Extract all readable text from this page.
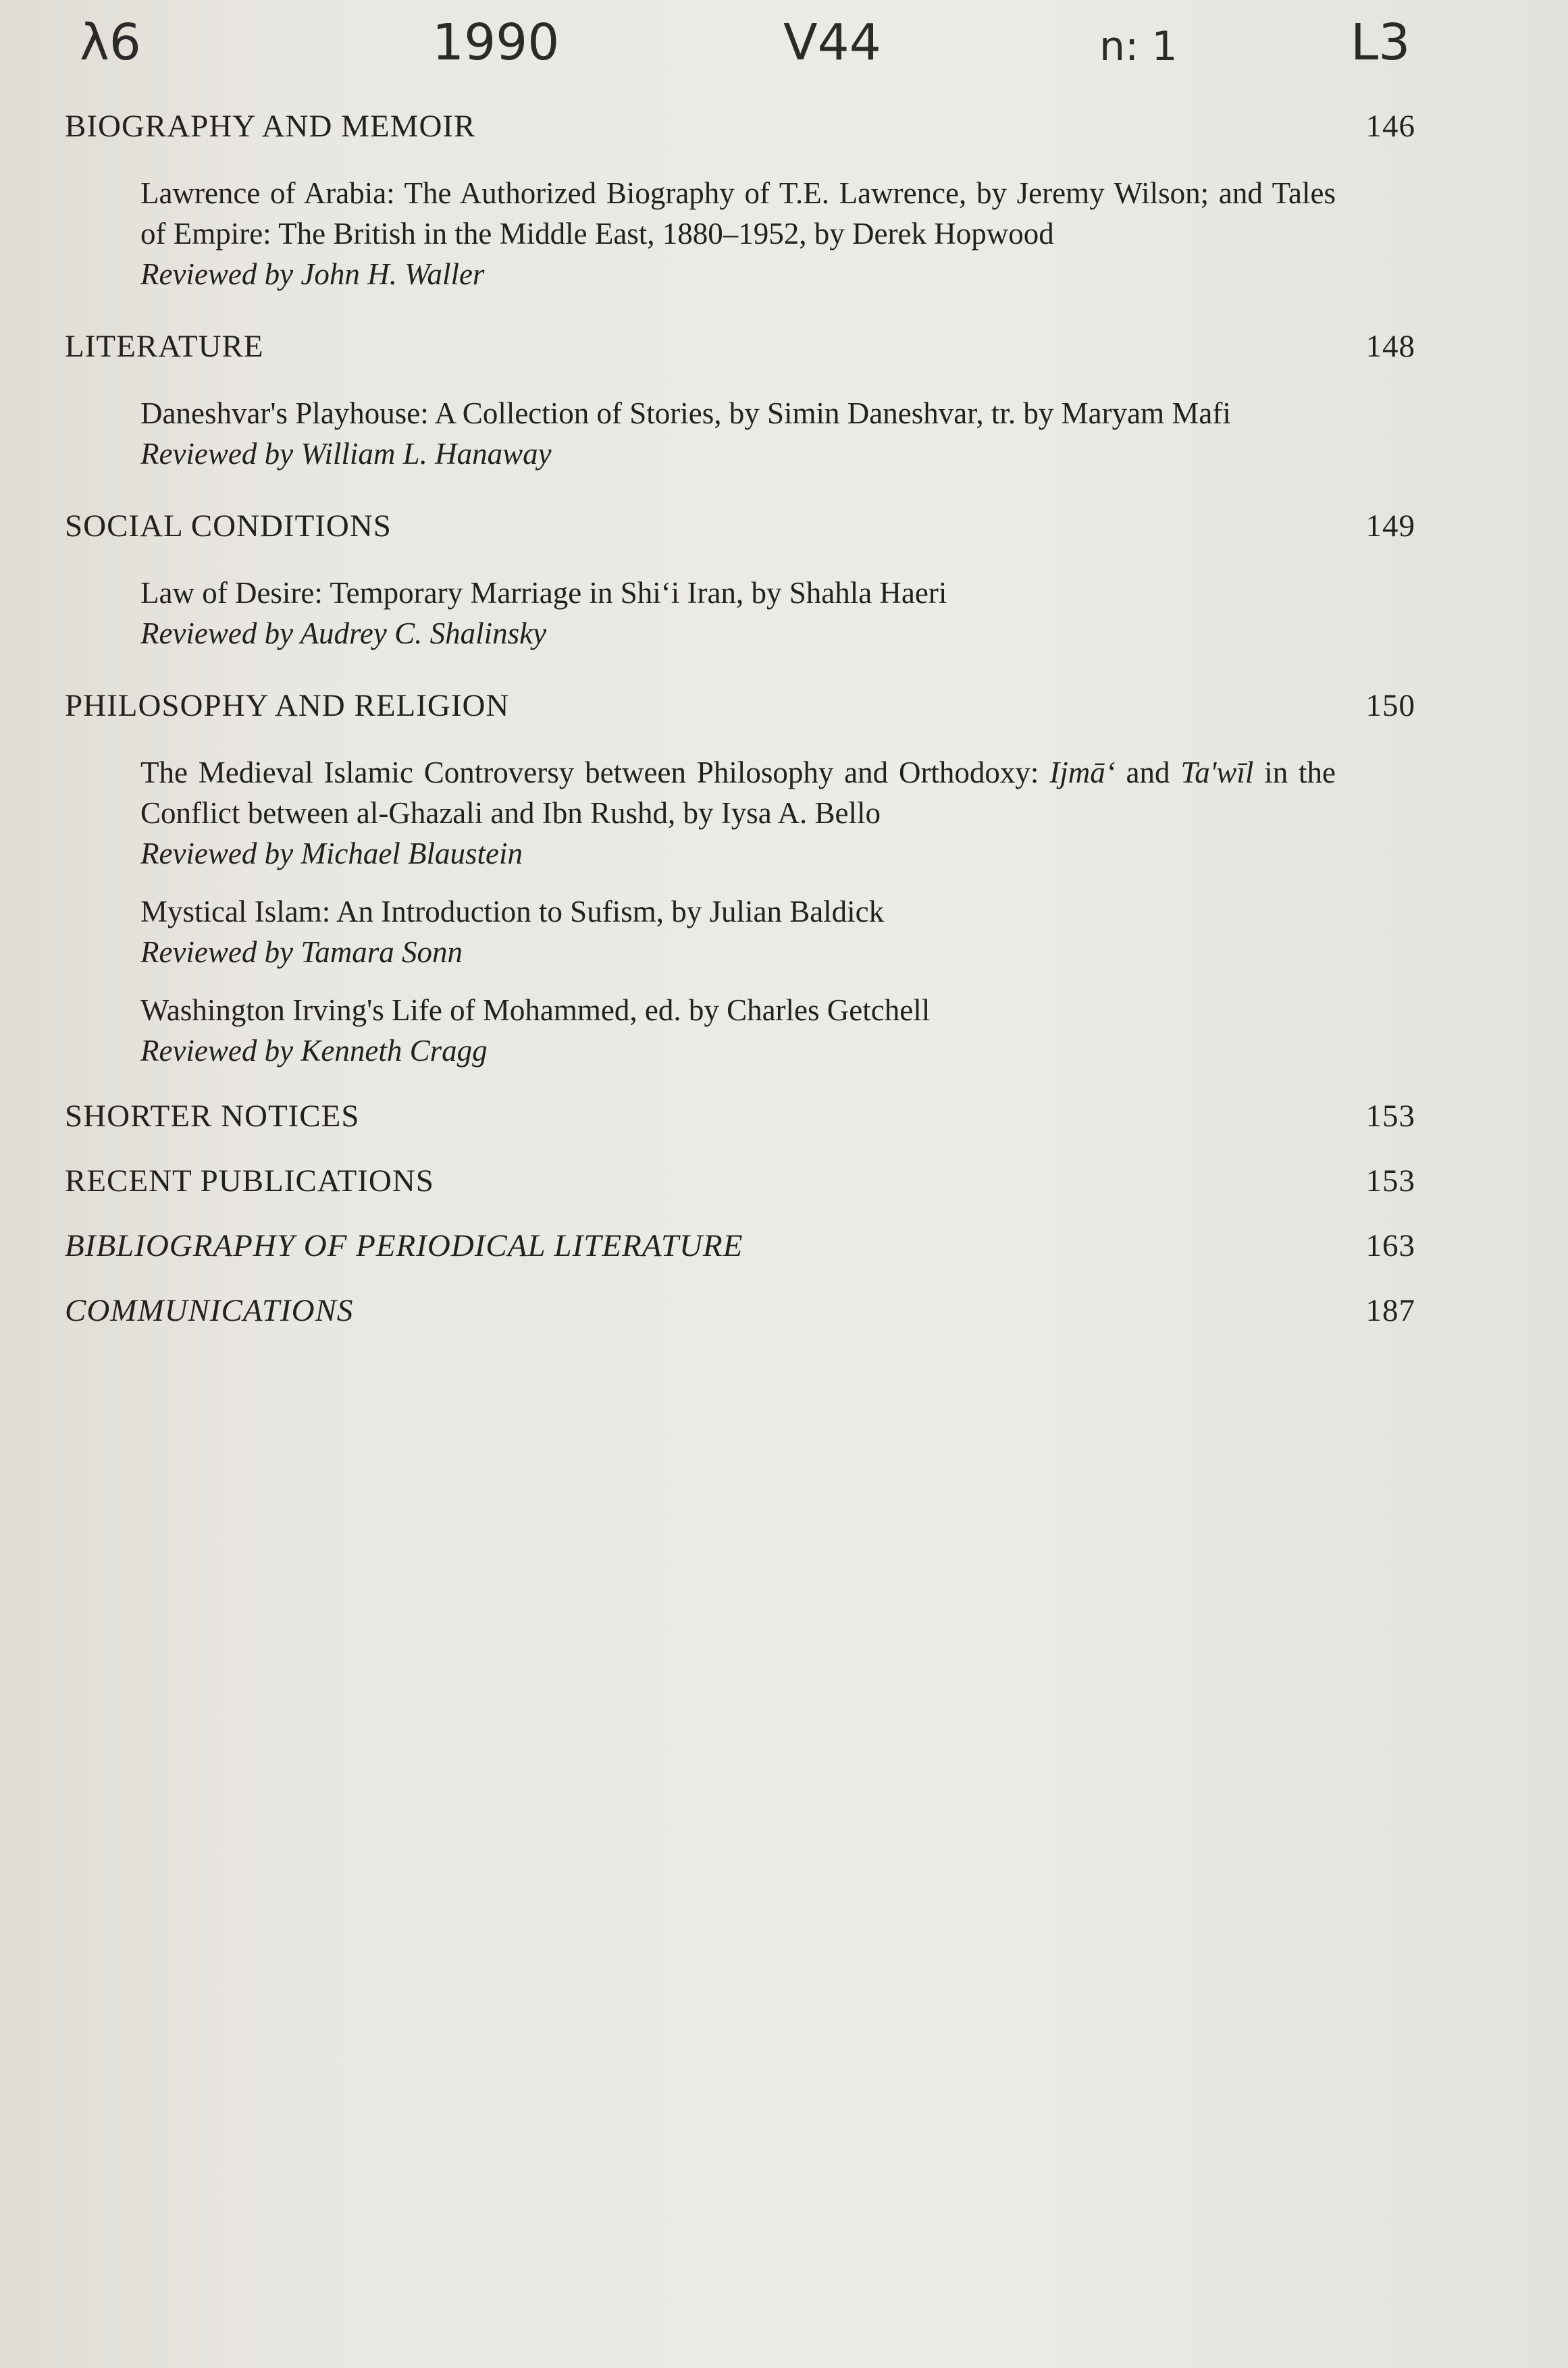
λ6	1990	V44	n: 1	L3
BIOGRAPHY AND MEMOIR	146
Lawrence of Arabia: The Authorized Biography of T.E. Lawrence, by Jeremy Wilson; and Tales of Empire: The British in the Middle East, 1880–1952, by Derek Hopwood
Reviewed by John H. Waller
LITERATURE	148
Daneshvar's Playhouse: A Collection of Stories, by Simin Daneshvar, tr. by Maryam Mafi
Reviewed by William L. Hanaway
SOCIAL CONDITIONS	149
Law of Desire: Temporary Marriage in Shi‘i Iran, by Shahla Haeri
Reviewed by Audrey C. Shalinsky
PHILOSOPHY AND RELIGION	150
The Medieval Islamic Controversy between Philosophy and Orthodoxy: Ijmā‘ and Ta'wīl in the Conflict between al-Ghazali and Ibn Rushd, by Iysa A. Bello
Reviewed by Michael Blaustein
Mystical Islam: An Introduction to Sufism, by Julian Baldick
Reviewed by Tamara Sonn
Washington Irving's Life of Mohammed, ed. by Charles Getchell
Reviewed by Kenneth Cragg
SHORTER NOTICES	153
RECENT PUBLICATIONS	153
BIBLIOGRAPHY OF PERIODICAL LITERATURE	163
COMMUNICATIONS	187
